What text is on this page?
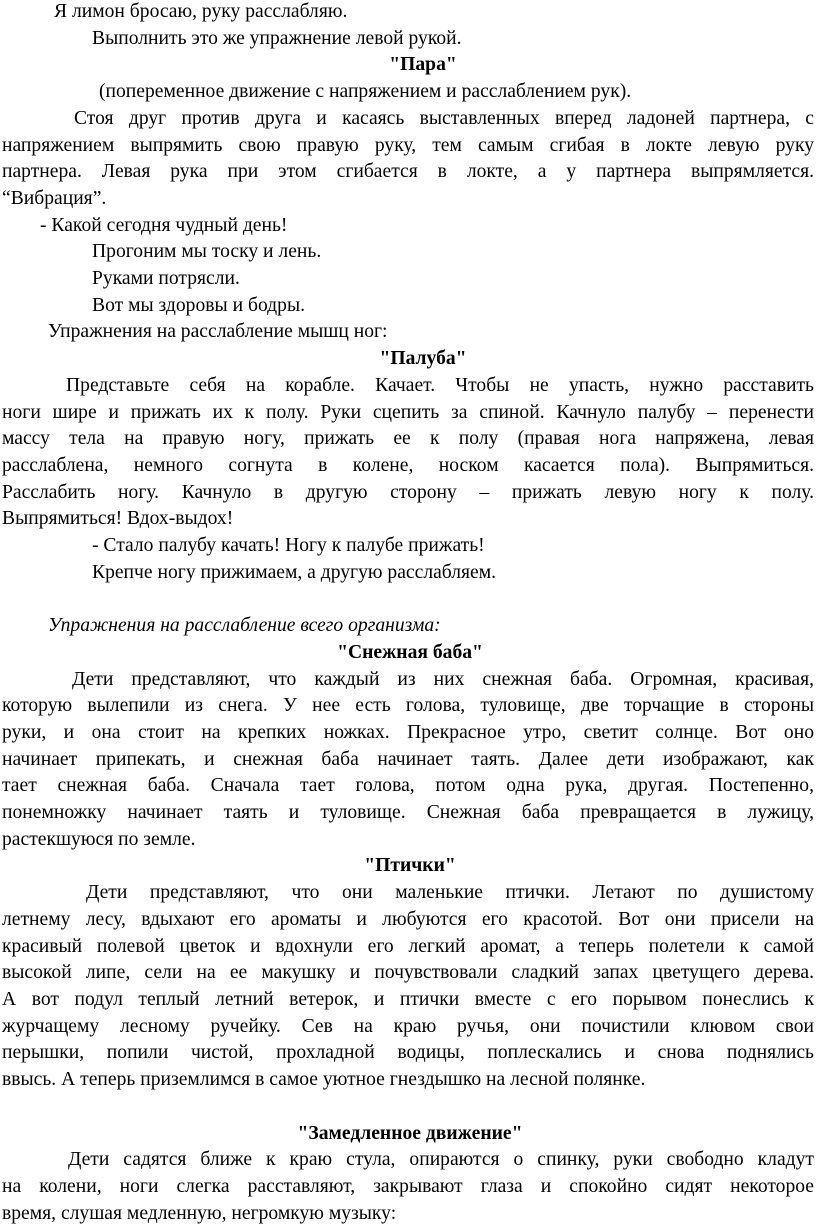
Я лимон бросаю, руку расслабляю.
Выполнить это же упражнение левой рукой.
"Пара"
(попеременное движение с напряжением и расслаблением рук).
Стоя друг против друга и касаясь выставленных вперед ладоней партнера, с
напряжением выпрямить свою правую руку, тем самым сгибая в локте левую руку
партнера. Левая рука при этом сгибается в локте, а у партнера выпрямляется.
“Вибрация”.
- Какой сегодня чудный день!
Прогоним мы тоску и лень.
Руками потрясли.
Вот мы здоровы и бодры.
Упражнения на расслабление мышц ног:
"Палуба"
Представьте себя на корабле. Качает. Чтобы не упасть, нужно расставить
ноги шире и прижать их к полу. Руки сцепить за спиной. Качнуло палубу – перенести
массу тела на правую ногу, прижать ее к полу (правая нога напряжена, левая
расслаблена, немного согнута в колене, носком касается пола). Выпрямиться.
Расслабить ногу. Качнуло в другую сторону – прижать левую ногу к полу.
Выпрямиться! Вдох-выдох!
- Стало палубу качать! Ногу к палубе прижать!
Крепче ногу прижимаем, а другую расслабляем.
Упражнения на расслабление всего организма:
"Снежная баба"
Дети представляют, что каждый из них снежная баба. Огромная, красивая,
которую вылепили из снега. У нее есть голова, туловище, две торчащие в стороны
руки, и она стоит на крепких ножках. Прекрасное утро, светит солнце. Вот оно
начинает припекать, и снежная баба начинает таять. Далее дети изображают, как
тает снежная баба. Сначала тает голова, потом одна рука, другая. Постепенно,
понемножку начинает таять и туловище. Снежная баба превращается в лужицу,
растекшуюся по земле.
"Птички"
Дети представляют, что они маленькие птички. Летают по душистому
летнему лесу, вдыхают его ароматы и любуются его красотой. Вот они присели на
красивый полевой цветок и вдохнули его легкий аромат, а теперь полетели к самой
высокой липе, сели на ее макушку и почувствовали сладкий запах цветущего дерева.
А вот подул теплый летний ветерок, и птички вместе с его порывом понеслись к
журчащему лесному ручейку. Сев на краю ручья, они почистили клювом свои
перышки, попили чистой, прохладной водицы, поплескались и снова поднялись
ввысь. А теперь приземлимся в самое уютное гнездышко на лесной полянке.
"Замедленное движение"
Дети садятся ближе к краю стула, опираются о спинку, руки свободно кладут
на колени, ноги слегка расставляют, закрывают глаза и спокойно сидят некоторое
время, слушая медленную, негромкую музыку:
